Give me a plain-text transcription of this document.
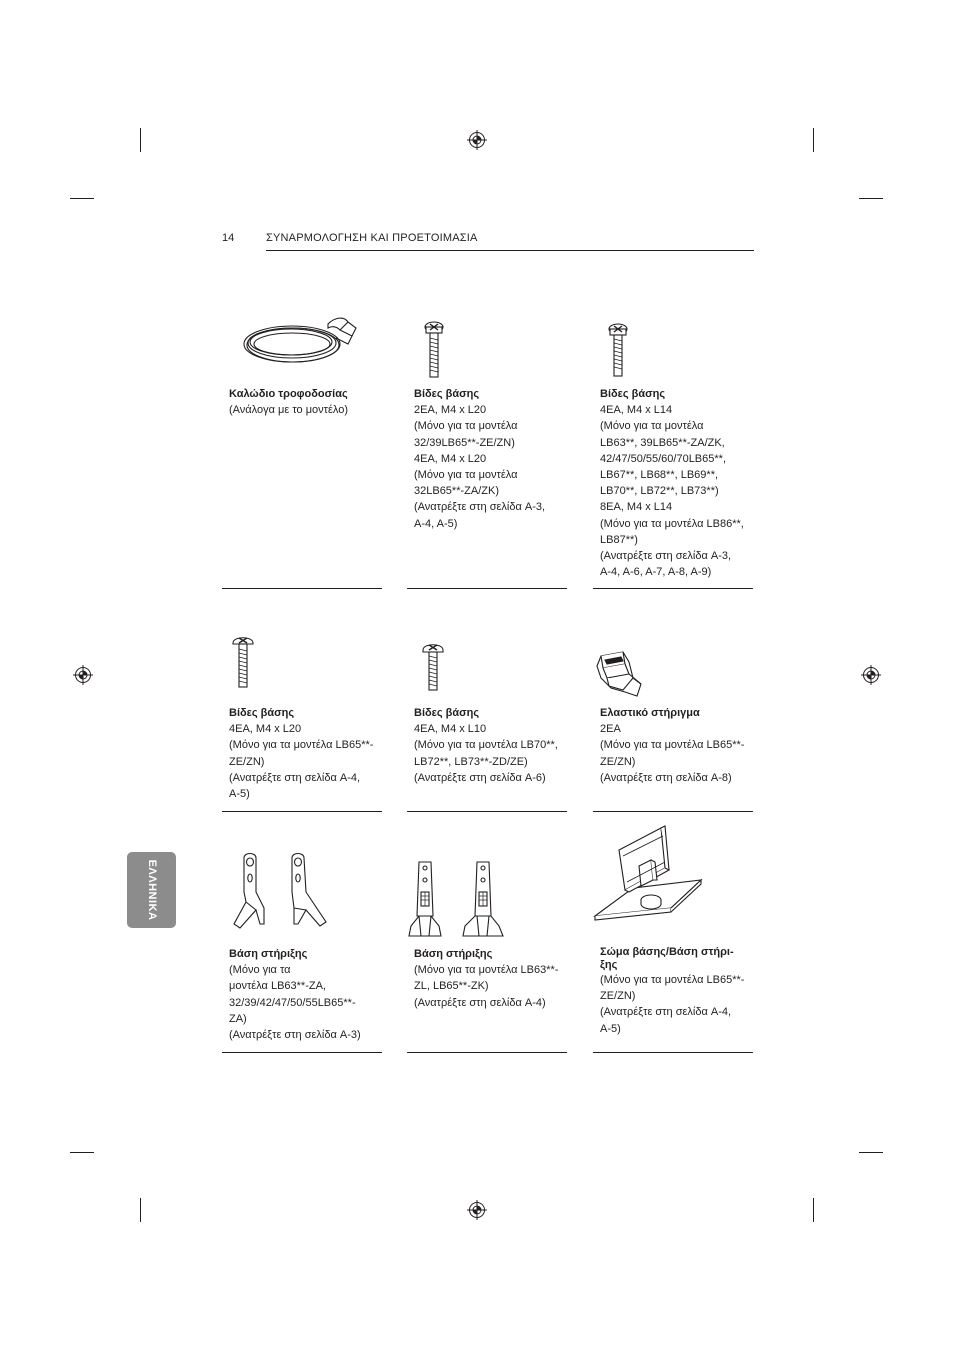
14	ΣΥΝΑΡΜΟΛΟΓΗΣΗ ΚΑΙ ΠΡΟΕΤΟΙΜΑΣΙΑ
ΕΛΛΗΝΙΚΑ
Καλώδιο τροφοδοσίας
(Ανάλογα με το μοντέλο)
Βίδες βάσης
2EA, M4 x L20
(Μόνο για τα μοντέλα
32/39LB65**-ZE/ZN)
4EA, M4 x L20
(Μόνο για τα μοντέλα
32LB65**-ZA/ZK)
(Ανατρέξτε στη σελίδα A-3,
A-4, A-5)
Βίδες βάσης
4EA, M4 x L14
(Μόνο για τα μοντέλα
LB63**, 39LB65**-ZA/ZK,
42/47/50/55/60/70LB65**,
LB67**, LB68**, LB69**,
LB70**, LB72**, LB73**)
8EA, M4 x L14
(Μόνο για τα μοντέλα LB86**,
LB87**)
(Ανατρέξτε στη σελίδα A-3,
A-4, A-6, A-7, A-8, A-9)
Βίδες βάσης
4EA, M4 x L20
(Μόνο για τα μοντέλα LB65**-
ZE/ZN)
(Ανατρέξτε στη σελίδα A-4,
A-5)
Βίδες βάσης
4EA, M4 x L10
(Μόνο για τα μοντέλα LB70**,
LB72**, LB73**-ZD/ZE)
(Ανατρέξτε στη σελίδα A-6)
Ελαστικό στήριγμα
2EA
(Μόνο για τα μοντέλα LB65**-
ZE/ZN)
(Ανατρέξτε στη σελίδα A-8)
Βάση στήριξης
(Μόνο για τα
μοντέλα LB63**-ZA,
32/39/42/47/50/55LB65**-
ZA)
(Ανατρέξτε στη σελίδα A-3)
Βάση στήριξης
(Μόνο για τα μοντέλα LB63**-
ZL, LB65**-ZK)
(Ανατρέξτε στη σελίδα A-4)
Σώμα βάσης/Βάση στήρι-
ξης
(Μόνο για τα μοντέλα LB65**-
ZE/ZN)
(Ανατρέξτε στη σελίδα A-4,
A-5)
